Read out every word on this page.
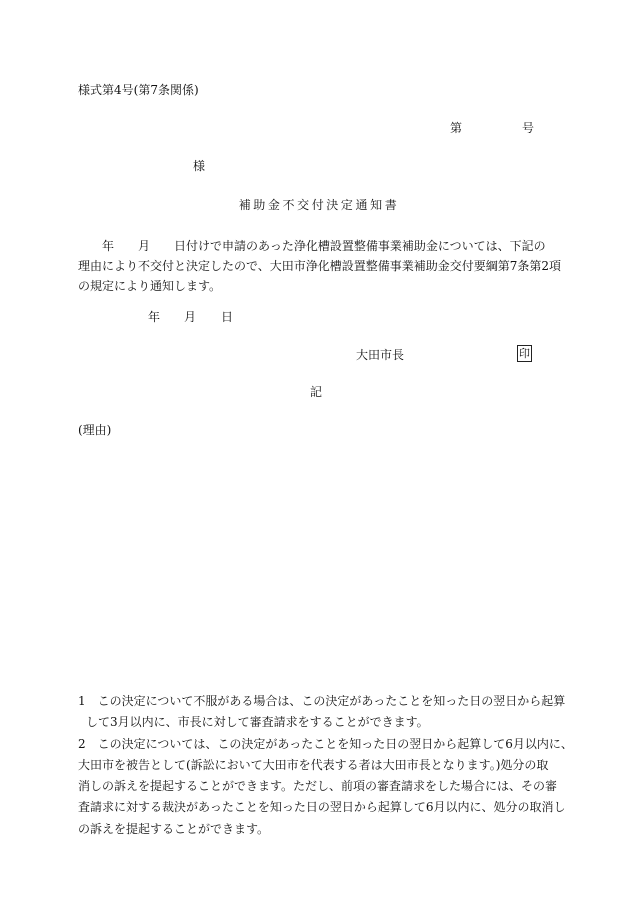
様式第4号(第7条関係)
第	号
様
補助金不交付決定通知書
　　年　　月　　日付けで申請のあった浄化槽設置整備事業補助金については、下記の
理由により不交付と決定したので、大田市浄化槽設置整備事業補助金交付要綱第7条第2項
の規定により通知します。
年 月 日
大田市長	印
記
(理由)
1　この決定について不服がある場合は、この決定があったことを知った日の翌日から起算
して3月以内に、市長に対して審査請求をすることができます。
2　この決定については、この決定があったことを知った日の翌日から起算して6月以内に、
大田市を被告として(訴訟において大田市を代表する者は大田市長となります。)処分の取
消しの訴えを提起することができます。ただし、前項の審査請求をした場合には、その審
査請求に対する裁決があったことを知った日の翌日から起算して6月以内に、処分の取消し
の訴えを提起することができます。
